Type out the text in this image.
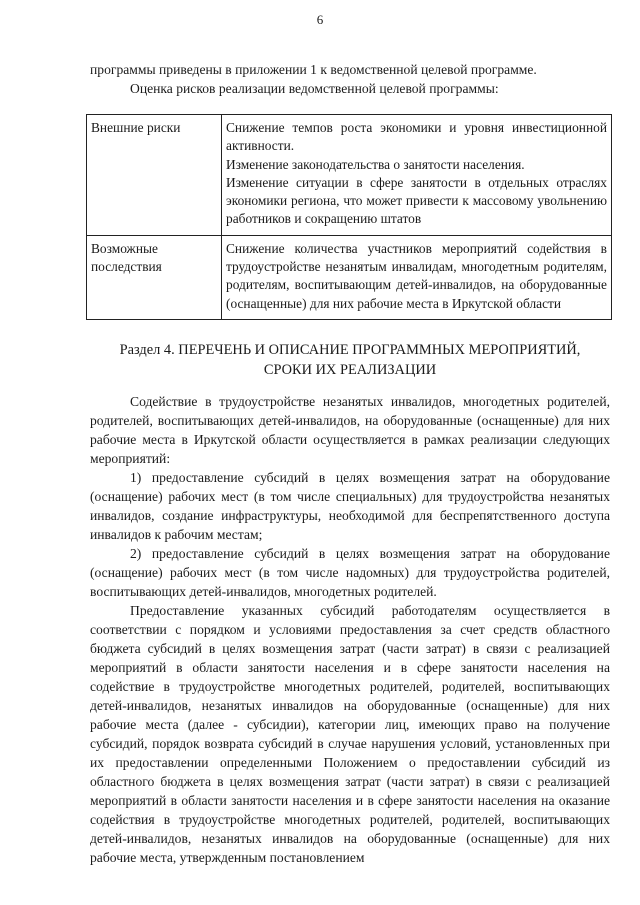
6

программы приведены в приложении 1 к ведомственной целевой программе.

Оценка рисков реализации ведомственной целевой программы:

Внешние риски	Снижение темпов роста экономики и уровня инвестиционной активности.
Изменение законодательства о занятости населения.
Изменение ситуации в сфере занятости в отдельных отраслях экономики региона, что может привести к массовому увольнению работников и сокращению штатов

Возможные последствия	Снижение количества участников мероприятий содействия в трудоустройстве незанятым инвалидам, многодетным родителям, родителям, воспитывающим детей-инвалидов, на оборудованные (оснащенные) для них рабочие места в Иркутской области
Раздел 4. ПЕРЕЧЕНЬ И ОПИСАНИЕ ПРОГРАММНЫХ МЕРОПРИЯТИЙ,
СРОКИ ИХ РЕАЛИЗАЦИИ

Содействие в трудоустройстве незанятых инвалидов, многодетных родителей, родителей, воспитывающих детей-инвалидов, на оборудованные (оснащенные) для них рабочие места в Иркутской области осуществляется в рамках реализации следующих мероприятий:

1) предоставление субсидий в целях возмещения затрат на оборудование (оснащение) рабочих мест (в том числе специальных) для трудоустройства незанятых инвалидов, создание инфраструктуры, необходимой для беспрепятственного доступа инвалидов к рабочим местам;

2) предоставление субсидий в целях возмещения затрат на оборудование (оснащение) рабочих мест (в том числе надомных) для трудоустройства родителей, воспитывающих детей-инвалидов, многодетных родителей.

Предоставление указанных субсидий работодателям осуществляется в соответствии с порядком и условиями предоставления за счет средств областного бюджета субсидий в целях возмещения затрат (части затрат) в связи с реализацией мероприятий в области занятости населения и в сфере занятости населения на содействие в трудоустройстве многодетных родителей, родителей, воспитывающих детей-инвалидов, незанятых инвалидов на оборудованные (оснащенные) для них рабочие места (далее - субсидии), категории лиц, имеющих право на получение субсидий, порядок возврата субсидий в случае нарушения условий, установленных при их предоставлении определенными Положением о предоставлении субсидий из областного бюджета в целях возмещения затрат (части затрат) в связи с реализацией мероприятий в области занятости населения и в сфере занятости населения на оказание содействия в трудоустройстве многодетных родителей, родителей, воспитывающих детей-инвалидов, незанятых инвалидов на оборудованные (оснащенные) для них рабочие места, утвержденным постановлением
